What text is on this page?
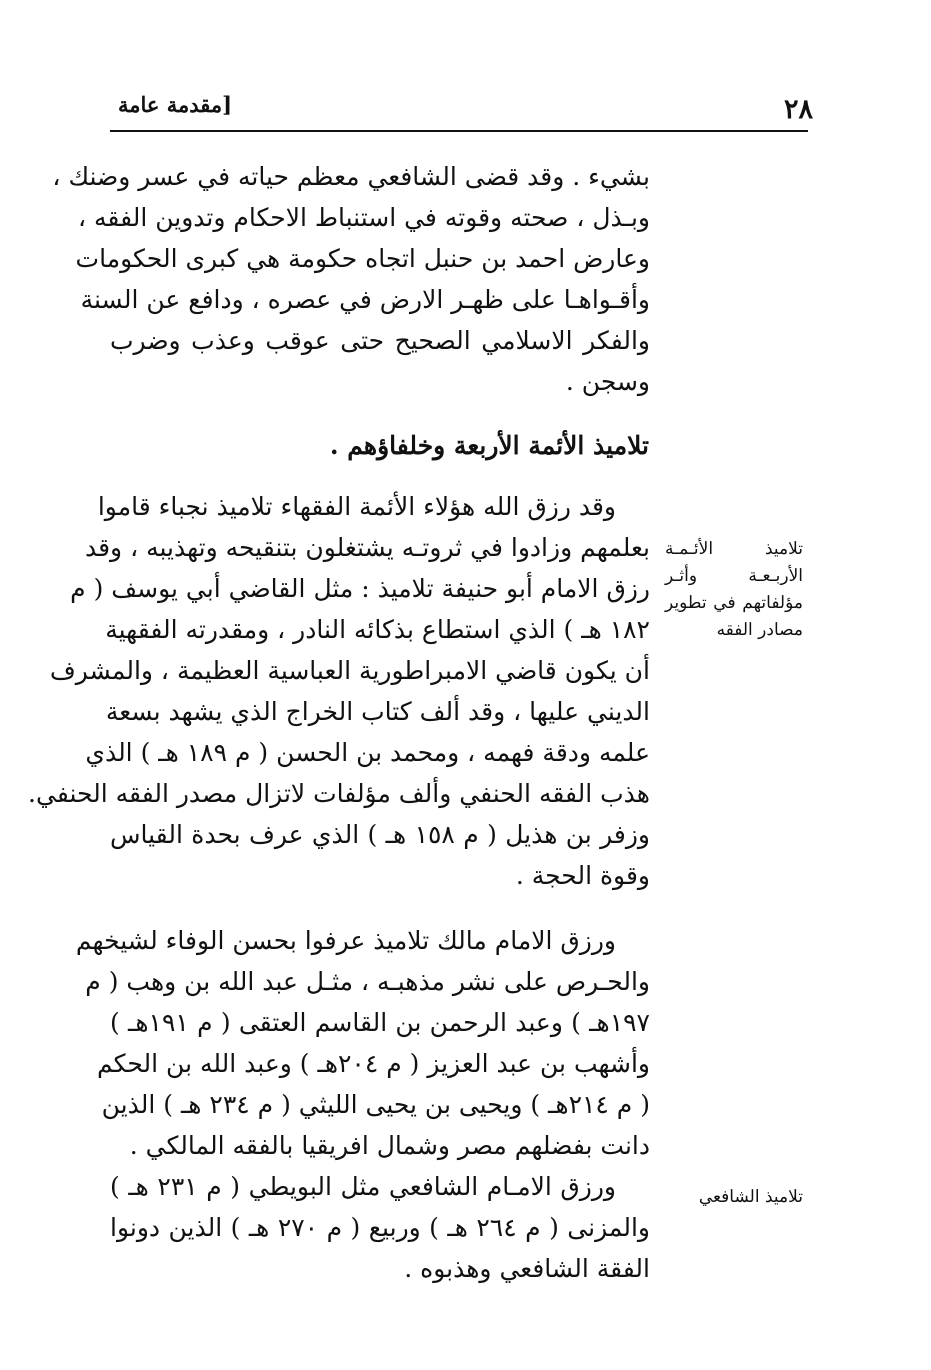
٢٨
[مقدمة عامة
بشيء . وقد قضى الشافعي معظم حياته في عسر وضنك ،
وبـذل ، صحته وقوته في استنباط الاحكام وتدوين الفقه ،
وعارض احمد بن حنبل اتجاه حكومة هي كبرى الحكومات
وأقـواهـا على ظهـر الارض في عصره ، ودافع عن السنة
والفكر الاسلامي الصحيح حتى عوقب وعذب وضرب
وسجن .
تلاميذ الأئمة الأربعة وخلفاؤهم .
وقد رزق الله هؤلاء الأئمة الفقهاء تلاميذ نجباء قاموا
بعلمهم وزادوا في ثروتـه يشتغلون بتنقيحه وتهذيبه ، وقد
رزق الامام أبو حنيفة تلاميذ : مثل القاضي أبي يوسف ( م
١٨٢ هـ ) الذي استطاع بذكائه النادر ، ومقدرته الفقهية
أن يكون قاضي الامبراطورية العباسية العظيمة ، والمشرف
الديني عليها ، وقد ألف كتاب الخراج الذي يشهد بسعة
علمه ودقة فهمه ، ومحمد بن الحسن ( م ١٨٩ هـ ) الذي
هذب الفقه الحنفي وألف مؤلفات لاتزال مصدر الفقه الحنفي.
وزفر بن هذيل ( م ١٥٨ هـ ) الذي عرف بحدة القياس
وقوة الحجة .
تلاميذ الأئـمـة
الأربـعـة وأثـر
مؤلفاتهم في تطوير
مصادر الفقه
ورزق الامام مالك تلاميذ عرفوا بحسن الوفاء لشيخهم
والحـرص على نشر مذهبـه ، مثـل عبد الله بن وهب ( م
١٩٧هـ ) وعبد الرحمن بن القاسم العتقى ( م ١٩١هـ )
وأشهب بن عبد العزيز ( م ٢٠٤هـ ) وعبد الله بن الحكم
( م ٢١٤هـ ) ويحيى بن يحيى الليثي ( م ٢٣٤ هـ ) الذين
دانت بفضلهم مصر وشمال افريقيا بالفقه المالكي .
ورزق الامـام الشافعي مثل البويطي ( م ٢٣١ هـ )
والمزنى ( م ٢٦٤ هـ ) وربيع ( م ٢٧٠ هـ ) الذين دونوا
الفقة الشافعي وهذبوه .
تلاميذ الشافعي
